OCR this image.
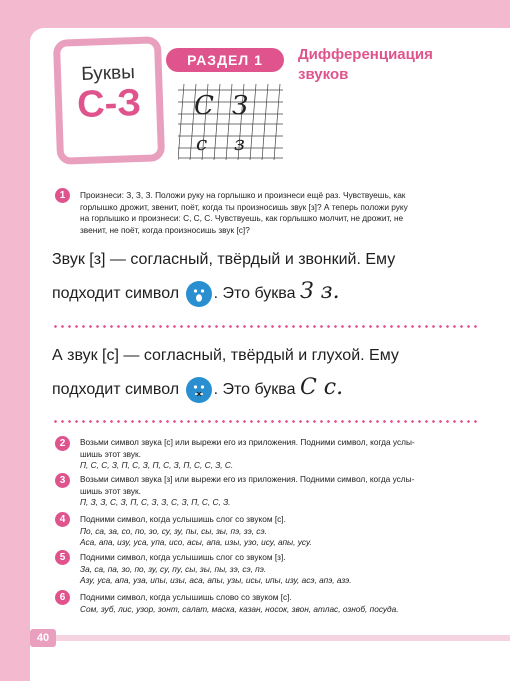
Буквы
С-З
РАЗДЕЛ 1	Дифференциация
звуков
С З
с з
1	Произнеси: З, З, З. Положи руку на горлышко и произнеси ещё раз. Чувствуешь, как
горлышко дрожит, звенит, поёт, когда ты произносишь звук [з]? А теперь положи руку
на горлышко и произнеси: С, С, С. Чувствуешь, как горлышко молчит, не дрожит, не
звенит, не поёт, когда произносишь звук [с]?
Звук [з] — согласный, твёрдый и звонкий. Ему
подходит символ . Это буква З з.
А звук [с] — согласный, твёрдый и глухой. Ему
подходит символ . Это буква С с.
2	Возьми символ звука [с] или вырежи его из приложения. Подними символ, когда услы-
шишь этот звук.
П, С, С, З, П, С, З, П, С, З, П, С, С, З, С.
3	Возьми символ звука [з] или вырежи его из приложения. Подними символ, когда услы-
шишь этот звук.
П, З, З, С, З, П, С, З, З, С, З, П, С, С, З.
4	Подними символ, когда услышишь слог со звуком [с].
По, са, за, со, по, зо, су, зу, пы, сы, зы, пэ, зэ, сэ.
Аса, апа, изу, уса, упа, исо, асы, апа, изы, узо, ису, апы, усу.
5	Подними символ, когда услышишь слог со звуком [з].
За, са, па, зо, по, зу, су, пу, сы, зы, пы, зэ, сэ, пэ.
Азу, уса, апа, уза, ипы, изы, аса, апы, узы, исы, ипы, изу, асэ, апэ, азэ.
6	Подними символ, когда услышишь слово со звуком [с].
Сом, зуб, лис, узор, зонт, салат, маска, казан, носок, звон, атлас, озноб, посуда.
40
